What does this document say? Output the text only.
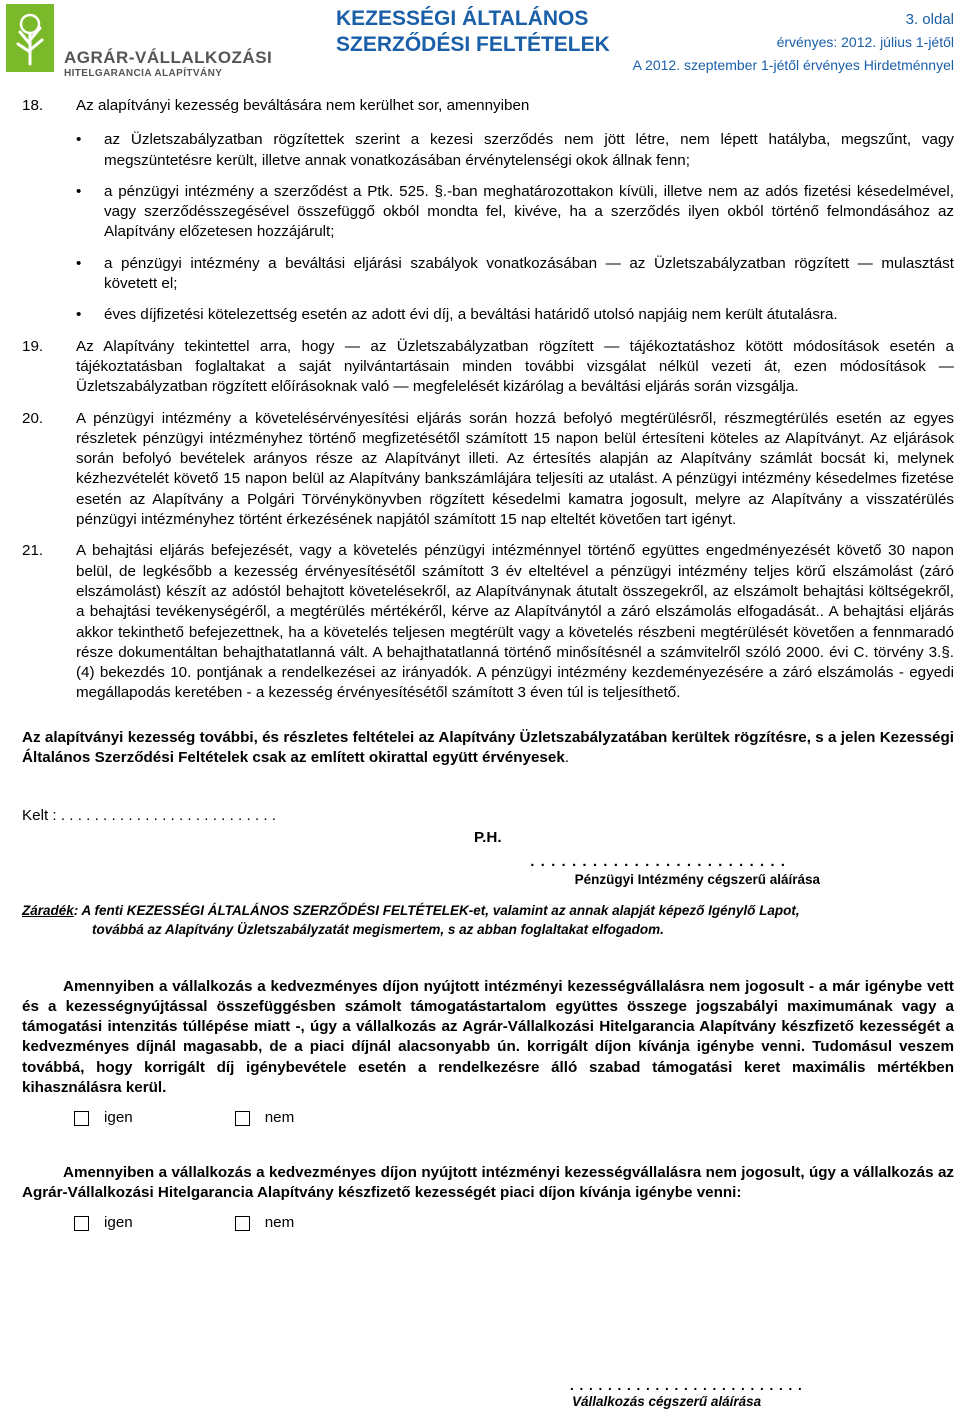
AGRÁR-VÁLLALKOZÁSI
HITELGARANCIA ALAPÍTVÁNY
KEZESSÉGI ÁLTALÁNOS
SZERZŐDÉSI FELTÉTELEK
3. oldal
érvényes: 2012. július 1-jétől
A 2012. szeptember 1-jétől érvényes Hirdetménnyel
18.	Az alapítványi kezesség beváltására nem kerülhet sor, amennyiben
• az Üzletszabályzatban rögzítettek szerint a kezesi szerződés nem jött létre, nem lépett hatályba, megszűnt, vagy megszüntetésre került, illetve annak vonatkozásában érvénytelenségi okok állnak fenn;
• a pénzügyi intézmény a szerződést a Ptk. 525. §.-ban meghatározottakon kívüli, illetve nem az adós fizetési késedelmével, vagy szerződésszegésével összefüggő okból mondta fel, kivéve, ha a szerződés ilyen okból történő felmondásához az Alapítvány előzetesen hozzájárult;
• a pénzügyi intézmény a beváltási eljárási szabályok vonatkozásában — az Üzletszabályzatban rögzített — mulasztást követett el;
• éves díjfizetési kötelezettség esetén az adott évi díj, a beváltási határidő utolsó napjáig nem került átutalásra.
19.	Az Alapítvány tekintettel arra, hogy — az Üzletszabályzatban rögzített — tájékoztatáshoz kötött módosítások esetén a tájékoztatásban foglaltakat a saját nyilvántartásain minden további vizsgálat nélkül vezeti át, ezen módosítások — Üzletszabályzatban rögzített előírásoknak való — megfelelését kizárólag a beváltási eljárás során vizsgálja.
20.	A pénzügyi intézmény a követelésérvényesítési eljárás során hozzá befolyó megtérülésről, részmegtérülés esetén az egyes részletek pénzügyi intézményhez történő megfizetésétől számított 15 napon belül értesíteni köteles az Alapítványt. Az eljárások során befolyó bevételek arányos része az Alapítványt illeti. Az értesítés alapján az Alapítvány számlát bocsát ki, melynek kézhezvételét követő 15 napon belül az Alapítvány bankszámlájára teljesíti az utalást. A pénzügyi intézmény késedelmes fizetése esetén az Alapítvány a Polgári Törvénykönyvben rögzített késedelmi kamatra jogosult, melyre az Alapítvány a visszatérülés pénzügyi intézményhez történt érkezésének napjától számított 15 nap elteltét követően tart igényt.
21.	A behajtási eljárás befejezését, vagy a követelés pénzügyi intézménnyel történő együttes engedményezését követő 30 napon belül, de legkésőbb a kezesség érvényesítésétől számított 3 év elteltével a pénzügyi intézmény teljes körű elszámolást (záró elszámolást) készít az adóstól behajtott követelésekről, az Alapítványnak átutalt összegekről, az elszámolt behajtási költségekről, a behajtási tevékenységéről, a megtérülés mértékéről, kérve az Alapítványtól a záró elszámolás elfogadását.. A behajtási eljárás akkor tekinthető befejezettnek, ha a követelés teljesen megtérült vagy a követelés részbeni megtérülését követően a fennmaradó része dokumentáltan behajthatatlanná vált. A behajthatatlanná történő minősítésnél a számvitelről szóló 2000. évi C. törvény 3.§. (4) bekezdés 10. pontjának a rendelkezései az irányadók. A pénzügyi intézmény kezdeményezésére a záró elszámolás - egyedi megállapodás keretében - a kezesség érvényesítésétől számított 3 éven túl is teljesíthető.

Az alapítványi kezesség további, és részletes feltételei az Alapítvány Üzletszabályzatában kerültek rögzítésre, s a jelen Kezességi Általános Szerződési Feltételek csak az említett okirattal együtt érvényesek.

Kelt : . . . . . . . . . . . . . . . . . . . . . . . . . .

P.H.

. . . . . . . . . . . . . . . . . . . . . . . . .

Pénzügyi Intézmény cégszerű aláírása

Záradék: A fenti KEZESSÉGI ÁLTALÁNOS SZERZŐDÉSI FELTÉTELEK-et, valamint az annak alapját képező Igénylő Lapot,
továbbá az Alapítvány Üzletszabályzatát megismertem, s az abban foglaltakat elfogadom.

Amennyiben a vállalkozás a kedvezményes díjon nyújtott intézményi kezességvállalásra nem jogosult - a már igénybe vett és a kezességnyújtással összefüggésben számolt támogatástartalom együttes összege jogszabályi maximumának vagy a támogatási intenzitás túllépése miatt -, úgy a vállalkozás az Agrár-Vállalkozási Hitelgarancia Alapítvány készfizető kezességét a kedvezményes díjnál magasabb, de a piaci díjnál alacsonyabb ún. korrigált díjon kívánja igénybe venni. Tudomásul veszem továbbá, hogy korrigált díj igénybevétele esetén a rendelkezésre álló szabad támogatási keret maximális mértékben kihasználásra kerül.

igen	nem

Amennyiben a vállalkozás a kedvezményes díjon nyújtott intézményi kezességvállalásra nem jogosult, úgy a vállalkozás az Agrár-Vállalkozási Hitelgarancia Alapítvány készfizető kezességét piaci díjon kívánja igénybe venni:

igen	nem
. . . . . . . . . . . . . . . . . . . . . . . . .
Vállalkozás cégszerű aláírása
